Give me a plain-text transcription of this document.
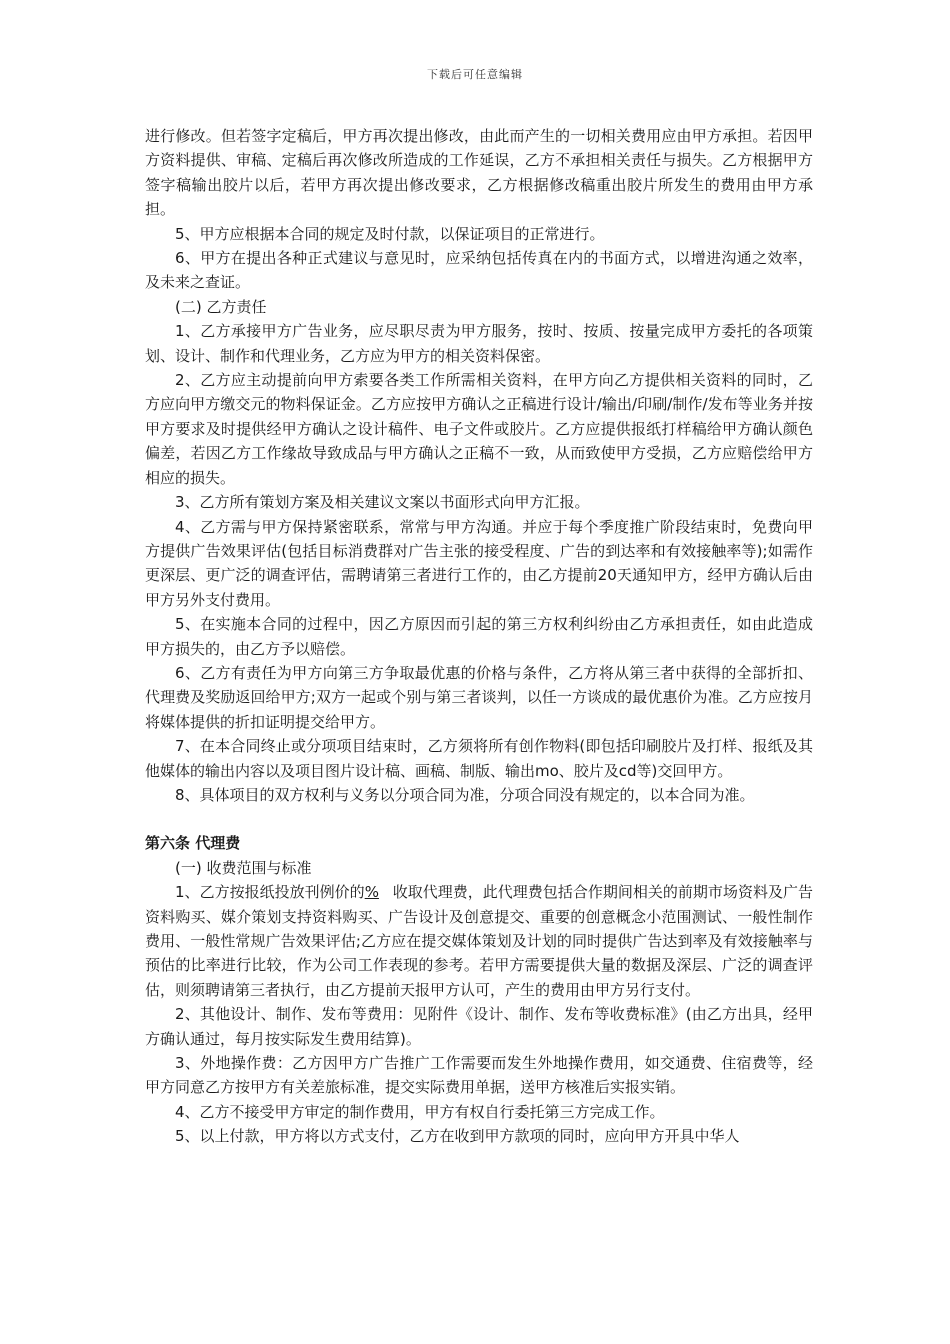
下载后可任意编辑

进行修改。但若签字定稿后，甲方再次提出修改，由此而产生的一切相关费用应由甲方承担。若因甲方资料提供、审稿、定稿后再次修改所造成的工作延误，乙方不承担相关责任与损失。乙方根据甲方签字稿输出胶片以后，若甲方再次提出修改要求，乙方根据修改稿重出胶片所发生的费用由甲方承担。

5、甲方应根据本合同的规定及时付款，以保证项目的正常进行。

6、甲方在提出各种正式建议与意见时，应采纳包括传真在内的书面方式，以增进沟通之效率，及未来之查证。

(二) 乙方责任

1、乙方承接甲方广告业务，应尽职尽责为甲方服务，按时、按质、按量完成甲方委托的各项策划、设计、制作和代理业务，乙方应为甲方的相关资料保密。

2、乙方应主动提前向甲方索要各类工作所需相关资料，在甲方向乙方提供相关资料的同时，乙方应向甲方缴交元的物料保证金。乙方应按甲方确认之正稿进行设计/输出/印刷/制作/发布等业务并按甲方要求及时提供经甲方确认之设计稿件、电子文件或胶片。乙方应提供报纸打样稿给甲方确认颜色偏差，若因乙方工作缘故导致成品与甲方确认之正稿不一致，从而致使甲方受损，乙方应赔偿给甲方相应的损失。

3、乙方所有策划方案及相关建议文案以书面形式向甲方汇报。

4、乙方需与甲方保持紧密联系，常常与甲方沟通。并应于每个季度推广阶段结束时，免费向甲方提供广告效果评估(包括目标消费群对广告主张的接受程度、广告的到达率和有效接触率等);如需作更深层、更广泛的调查评估，需聘请第三者进行工作的，由乙方提前20天通知甲方，经甲方确认后由甲方另外支付费用。

5、在实施本合同的过程中，因乙方原因而引起的第三方权利纠纷由乙方承担责任，如由此造成甲方损失的，由乙方予以赔偿。

6、乙方有责任为甲方向第三方争取最优惠的价格与条件，乙方将从第三者中获得的全部折扣、代理费及奖励返回给甲方;双方一起或个别与第三者谈判，以任一方谈成的最优惠价为准。乙方应按月将媒体提供的折扣证明提交给甲方。

7、在本合同终止或分项项目结束时，乙方须将所有创作物料(即包括印刷胶片及打样、报纸及其他媒体的输出内容以及项目图片设计稿、画稿、制版、输出mo、胶片及cd等)交回甲方。

8、具体项目的双方权利与义务以分项合同为准，分项合同没有规定的，以本合同为准。

第六条 代理费

(一) 收费范围与标准

1、乙方按报纸投放刊例价的%收取代理费，此代理费包括合作期间相关的前期市场资料及广告资料购买、媒介策划支持资料购买、广告设计及创意提交、重要的创意概念小范围测试、一般性制作费用、一般性常规广告效果评估;乙方应在提交媒体策划及计划的同时提供广告达到率及有效接触率与预估的比率进行比较，作为公司工作表现的参考。若甲方需要提供大量的数据及深层、广泛的调查评估，则须聘请第三者执行，由乙方提前天报甲方认可，产生的费用由甲方另行支付。

2、其他设计、制作、发布等费用：见附件《设计、制作、发布等收费标准》(由乙方出具，经甲方确认通过，每月按实际发生费用结算)。

3、外地操作费：乙方因甲方广告推广工作需要而发生外地操作费用，如交通费、住宿费等，经甲方同意乙方按甲方有关差旅标准，提交实际费用单据，送甲方核准后实报实销。

4、乙方不接受甲方审定的制作费用，甲方有权自行委托第三方完成工作。

5、以上付款，甲方将以方式支付，乙方在收到甲方款项的同时，应向甲方开具中华人
